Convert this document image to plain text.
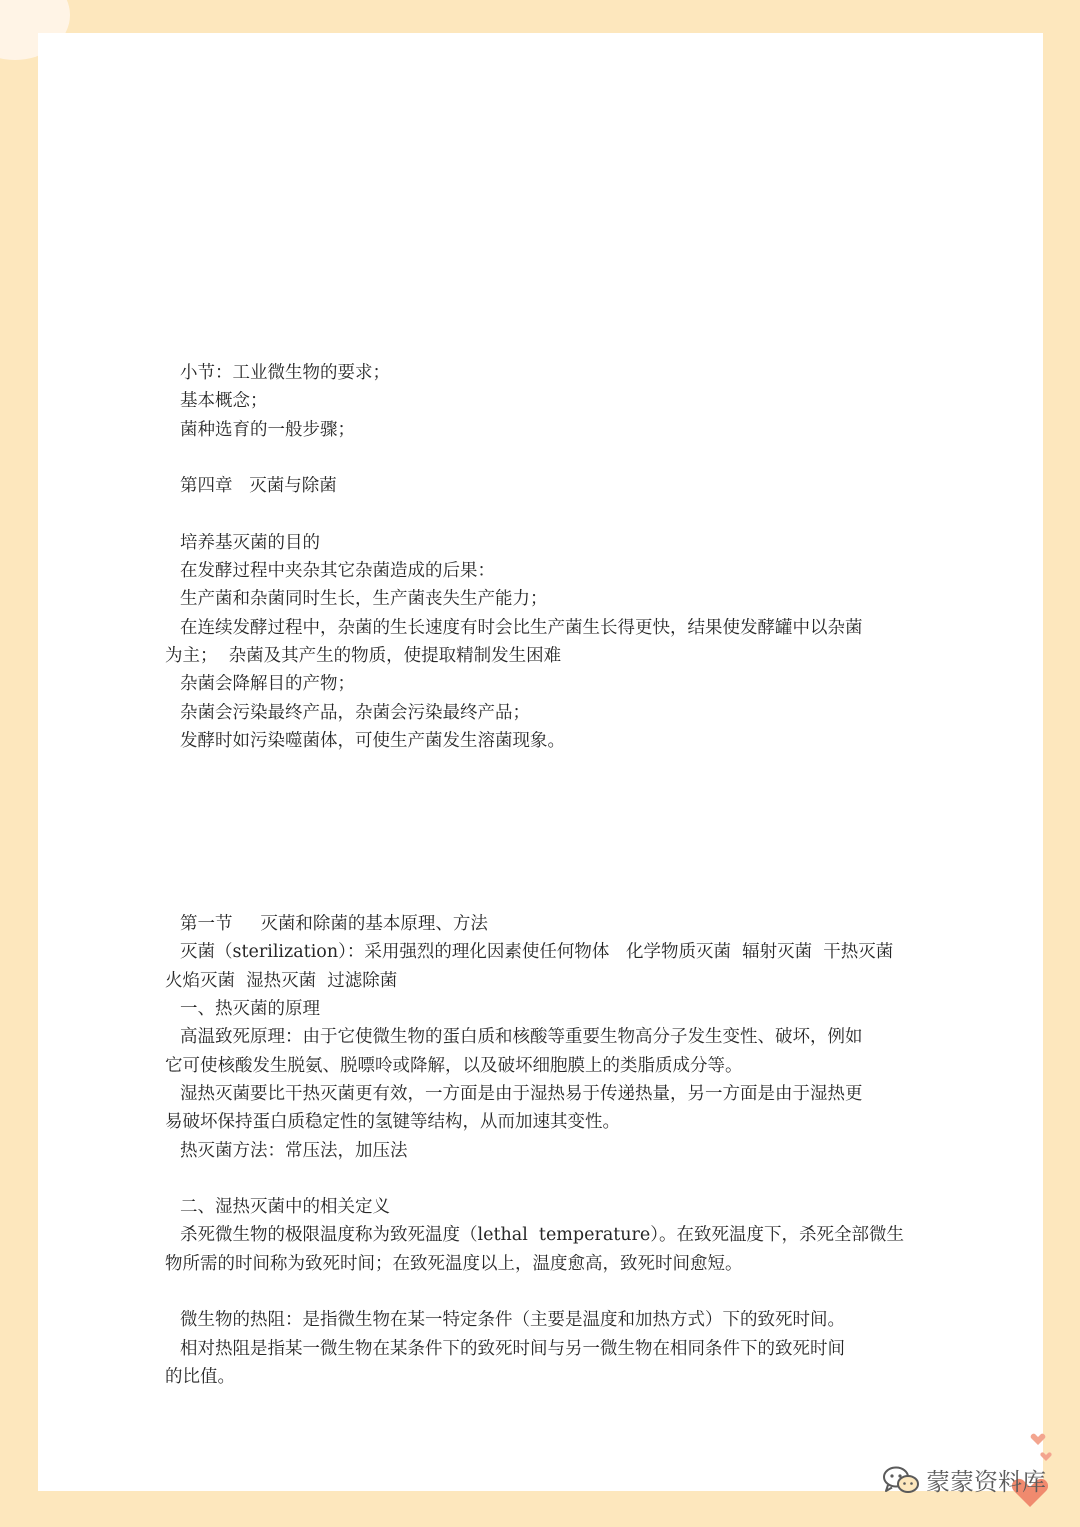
小节：工业微生物的要求；
基本概念；
菌种选育的一般步骤；
第四章   灭菌与除菌
培养基灭菌的目的
在发酵过程中夹杂其它杂菌造成的后果：
生产菌和杂菌同时生长，生产菌丧失生产能力；
在连续发酵过程中，杂菌的生长速度有时会比生产菌生长得更快，结果使发酵罐中以杂菌
为主；  杂菌及其产生的物质，使提取精制发生困难
杂菌会降解目的产物；
杂菌会污染最终产品，杂菌会污染最终产品；
发酵时如污染噬菌体，可使生产菌发生溶菌现象。
第一节     灭菌和除菌的基本原理、方法
灭菌（sterilization）：采用强烈的理化因素使任何物体   化学物质灭菌  辐射灭菌  干热灭菌
火焰灭菌  湿热灭菌  过滤除菌
一、热灭菌的原理
高温致死原理：由于它使微生物的蛋白质和核酸等重要生物高分子发生变性、破坏，例如
它可使核酸发生脱氨、脱嘌呤或降解，以及破坏细胞膜上的类脂质成分等。
湿热灭菌要比干热灭菌更有效，一方面是由于湿热易于传递热量，另一方面是由于湿热更
易破坏保持蛋白质稳定性的氢键等结构，从而加速其变性。
热灭菌方法：常压法，加压法
二、湿热灭菌中的相关定义
杀死微生物的极限温度称为致死温度（lethal  temperature）。在致死温度下，杀死全部微生
物所需的时间称为致死时间；在致死温度以上，温度愈高，致死时间愈短。
微生物的热阻：是指微生物在某一特定条件（主要是温度和加热方式）下的致死时间。
相对热阻是指某一微生物在某条件下的致死时间与另一微生物在相同条件下的致死时间
的比值。
蒙蒙资料库
